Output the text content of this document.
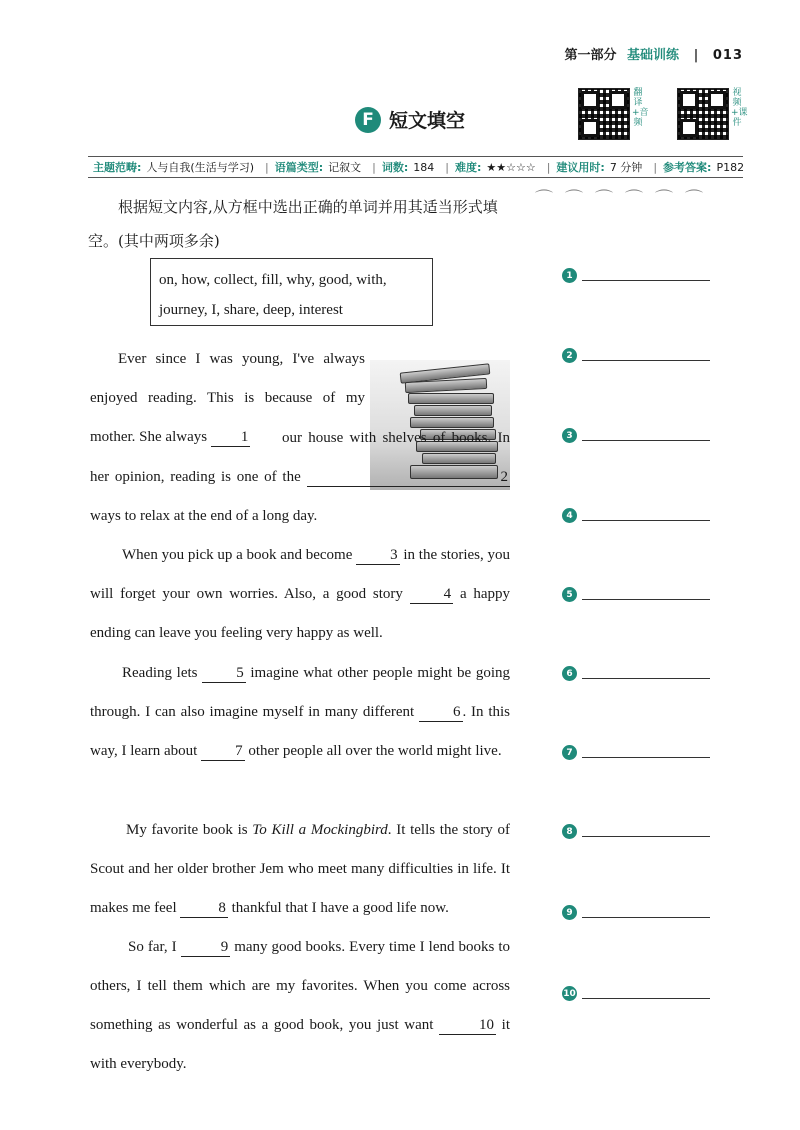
第一部分 基础训练 | 013
F 短文填空
翻译+音频
视频+课件
主题范畴: 人与自我(生活与学习)	| 语篇类型: 记叙文	| 词数: 184	| 难度: ★★☆☆☆	| 建议用时: 7 分钟	| 参考答案: P182
⌒⌒⌒⌒⌒⌒
根据短文内容,从方框中选出正确的单词并用其适当形式填空。(其中两项多余)
on, how, collect, fill, why, good, with,
journey, I, share, deep, interest
Ever since I was young, I've always enjoyed reading. This is because of my mother. She always 1	our house with shelves of books. In her opinion, reading is one of the	2 ways to relax at the end of a long day.
When you pick up a book and become	3 in the stories, you will forget your own worries. Also, a good story	4 a happy ending can leave you feeling very happy as well.
Reading lets	5 imagine what other people might be going through. I can also imagine myself in many different	6 . In this way, I learn about	7 other people all over the world might live.
My favorite book is To Kill a Mockingbird. It tells the story of Scout and her older brother Jem who meet many difficulties in life. It makes me feel	8 thankful that I have a good life now.
So far, I	9 many good books. Every time I lend books to others, I tell them which are my favorites. When you come across something as wonderful as a good book, you just want	10 it with everybody.
1
2
3
4
5
6
7
8
9
10
